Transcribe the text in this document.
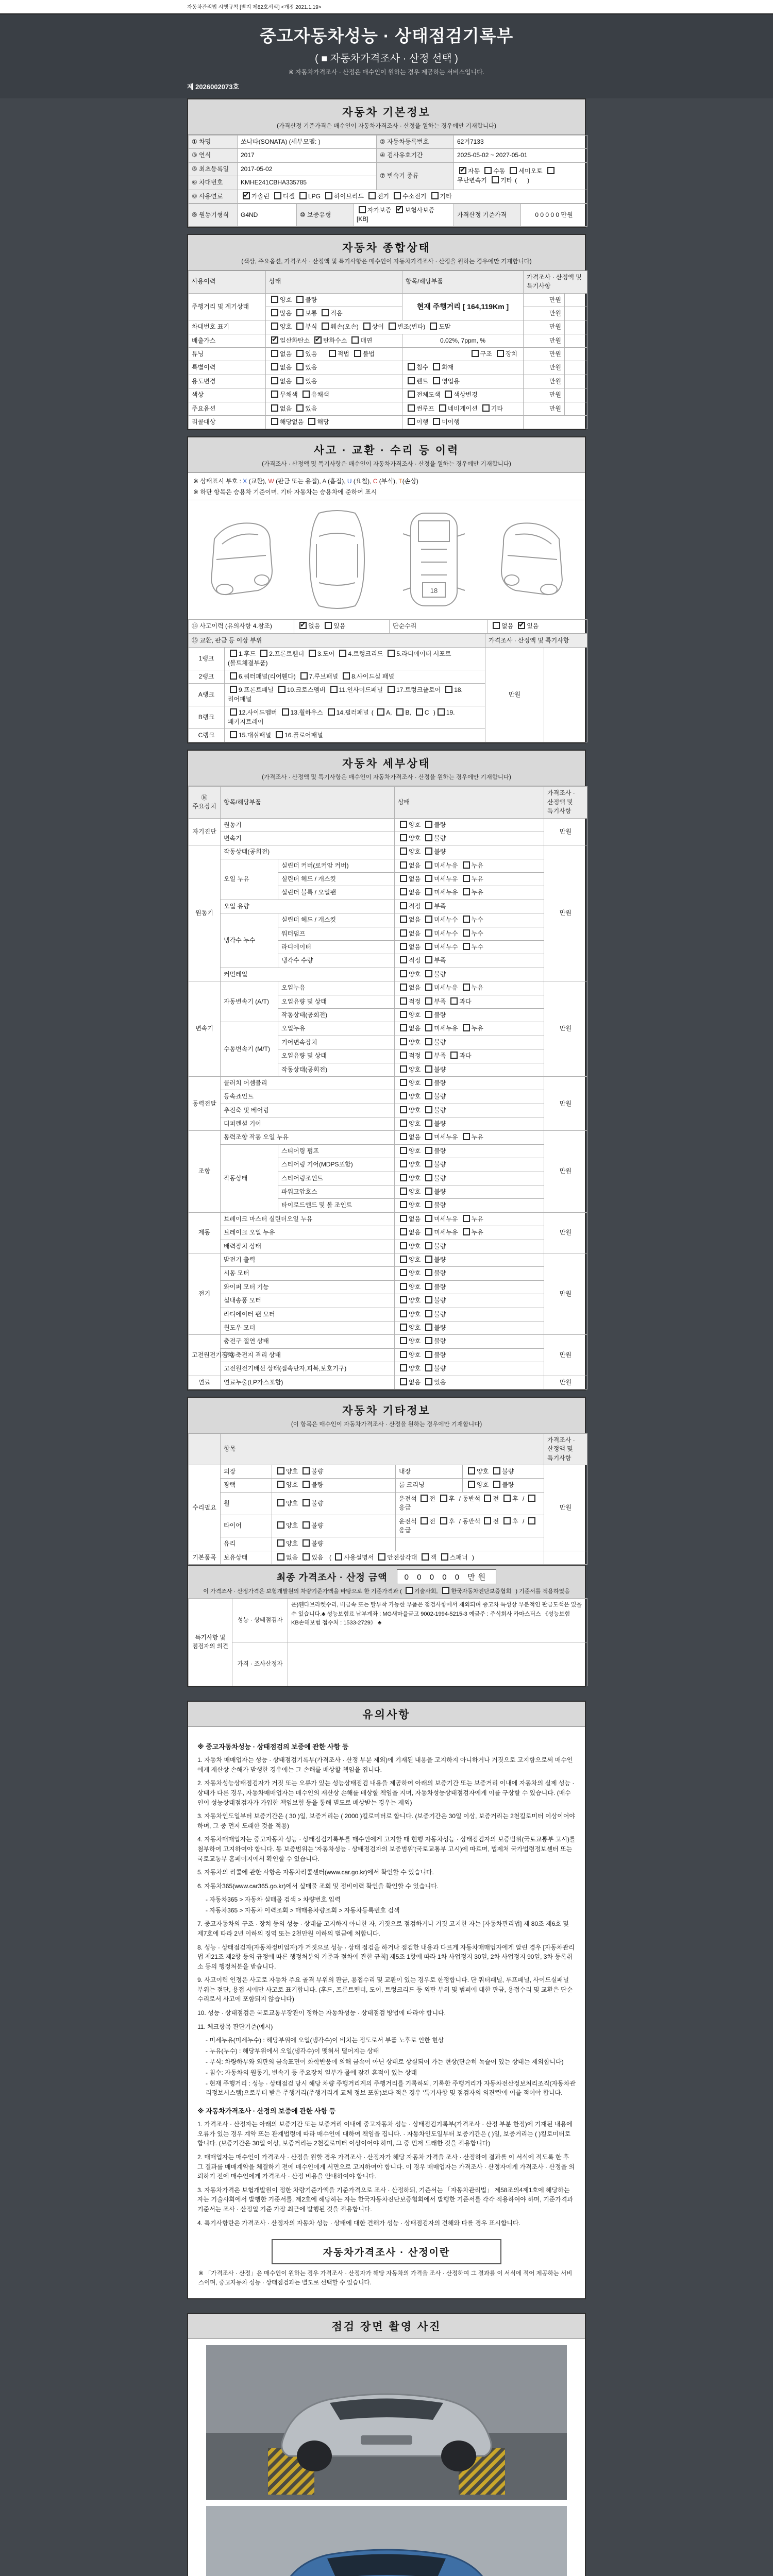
자동차관리법 시행규칙 [별지 제82호서식] <개정 2021.1.19>
중고자동차성능 · 상태점검기록부
( ■ 자동차가격조사 · 산정 선택 )
※ 자동차가격조사 · 산정은 매수인이 원하는 경우 제공하는 서비스입니다.
제 2026002073호
자동차 기본정보
(가격산정 기준가격은 매수인이 자동차가격조사 · 산정을 원하는 경우에만 기재합니다)
① 차명	쏘나타(SONATA) (세부모델: )	② 자동차등록번호	62거7133
③ 연식	2017	④ 검사유효기간	2025-05-02 ~ 2027-05-01
⑤ 최초등록일	2017-05-02	⑦ 변속기 종류	✔자동 수동 세미오토무단변속기 기타 (      )
⑥ 차대번호	KMHE241CBHA335785		
⑧ 사용연료	✔가솔린 디젤 LPG 하이브리드 전기 수소전기 기타
⑨ 원동기형식	G4ND	⑩ 보증유형	자가보증 ✔ 보험사보증 [KB]	가격산정 기준가격	0 0 0 0 0 만원
자동차 종합상태
(색상, 주요옵션, 가격조사 · 산정액 및 특기사항은 매수인이 자동차가격조사 · 산정을 원하는 경우에만 기재합니다)
사용이력	상태	항목/해당부품	가격조사 · 산정액 및 특기사항	
주행거리 및 계기상태	양호 불량	현재 주행거리 [ 164,119Km ]	만원	
	많음 보통 적음		만원	
차대번호 표기	양호 부식 훼손(오손) 상이 변조(변타) 도말		만원	
배출가스	✔일산화탄소 ✔ 탄화수소 매연	0.02%, 7ppm, %	만원	
튜닝	없음 있음 적법 불법	구조 장치	만원	
특별이력	없음 있음	침수 화재	만원	
용도변경	없음 있음	렌트 영업용	만원	
색상	무채색 유채색	전체도색 색상변경	만원	
주요옵션	없음 있음	썬루프 네비게이션 기타	만원	
리콜대상	해당없음 해당	이행 미이행		
사고 · 교환 · 수리 등 이력
(가격조사 · 산정액 및 특기사항은 매수인이 자동차가격조사 · 산정을 원하는 경우에만 기재합니다)
※ 상태표시 부호 : X (교환), W (판금 또는 용접), A (흠집), U (요철), C (부식), T(손상)
※ 하단 항목은 승용차 기준이며, 기타 자동차는 승용차에 준하여 표시
18
⑭ 사고이력 (유의사항 4.참조)	✔없음 있음	단순수리	없음 ✔ 있음
⑮ 교환, 판금 등 이상 부위		가격조사 · 산정액 및 특기사항	
1랭크	1.후드 2.프론트휀더 3.도어 4.트렁크리드 5.라디에이터 서포트(볼트체결부품)	만원	
2랭크	6.쿼터패널(리어휀다) 7.루브패널 8.사이드실 패널		
A랭크	9.프론트패널 10.크로스멤버 11.인사이드패널 17.트렁크플로어 18.리어패널		
B랭크	12.사이드멤버 13.휠하우스 14.필러패널 ( A, B, C ) 19.패키지트레이		
C랭크	15.대쉬패널 16.플로어패널		
자동차 세부상태
(가격조사 · 산정액 및 특기사항은 매수인이 자동차가격조사 · 산정을 원하는 경우에만 기재합니다)
⑯ 주요장치	항목/해당부품		상태	가격조사 · 산정액 및 특기사항
자기진단	원동기		양호 불량	만원
	변속기		양호 불량	
원동기	작동상태(공회전)		양호 불량	만원
	오일 누유	실린더 커버(로커암 커버)	없음 미세누유 누유	
		실린더 헤드 / 개스킷	없음 미세누유 누유	
		실린더 블록 / 오일팬	없음 미세누유 누유	
	오일 유량		적정 부족	
	냉각수 누수	실린더 헤드 / 개스킷	없음 미세누수 누수	
		워터펌프	없음 미세누수 누수	
		라디에이터	없음 미세누수 누수	
		냉각수 수량	적정 부족	
	커먼레일		양호 불량	
변속기	자동변속기 (A/T)	오일누유	없음 미세누유 누유	만원
		오일유량 및 상태	적정 부족 과다	
		작동상태(공회전)	양호 불량	
	수동변속기 (M/T)	오일누유	없음 미세누유 누유	
		기어변속장치	양호 불량	
		오일유량 및 상태	적정 부족 과다	
		작동상태(공회전)	양호 불량	
동력전달	클러치 어셈블리		양호 불량	만원
	등속죠인트		양호 불량	
	추진축 및 베어링		양호 불량	
	디퍼렌셜 기어		양호 불량	
조향	동력조향 작동 오일 누유		없음 미세누유 누유	만원
	작동상태	스티어링 펌프	양호 불량	
		스티어링 기어(MDPS포함)	양호 불량	
		스티어링조인트	양호 불량	
		파워고압호스	양호 불량	
		타이로드엔드 및 볼 조인트	양호 불량	
제동	브레이크 마스터 실린더오일 누유		없음 미세누유 누유	만원
	브레이크 오일 누유		없음 미세누유 누유	
	배력장치 상태		양호 불량	
전기	발전기 출력		양호 불량	만원
	시동 모터		양호 불량	
	와이퍼 모터 기능		양호 불량	
	실내송풍 모터		양호 불량	
	라디에이터 팬 모터		양호 불량	
	윈도우 모터		양호 불량	
고전원전기장치	충전구 절연 상태		양호 불량	만원
	구동축전지 격리 상태		양호 불량	
	고전원전기배선 상태(접속단자,피복,보호기구)		양호 불량	
연료	연료누출(LP가스포함)		없음 있음	만원
자동차 기타정보
(이 항목은 매수인이 자동차가격조사 · 산정을 원하는 경우에만 기재합니다)
	항목				가격조사 · 산정액 및 특기사항
수리필요	외장	양호 불량	내장	양호 불량	만원
	광택	양호 불량	룸 크리닝	양호 불량	
	휠	양호 불량	운전석 전 후 / 동반석 전 후 / 응급		
	타이어	양호 불량	운전석 전 후 / 동반석 전 후 / 응급		
	유리	양호 불량			
기본품목	보유상태	없음 있음  ( 사용설명서 안전삼각대 잭 스패너 )			
최종 가격조사 · 산정 금액	0 0 0 0 0 만원
이 가격조사 · 산정가격은 보험개발원의 차량기준가액을 바탕으로 한 기준가격과 ( 기술사회, 한국자동차진단보증협회 ) 기준서를 적용하였음
특기사항 및 점검자의 의견	성능 · 상태점검자	운)휀다브라켓수리, 비금속 또는 탈부착 가능한 부품은 점검사항에서 제외되며 중고차 특성상 부분적인 판금도색은 있을 수 있습니다.♣ 성능보험료 납부계좌 : MG새마을금고 9002-1994-5215-3 예금주 : 주식회사 카마스터스 《성능보험 KB손해보험 접수처 : 1533-2729》 ♣
	가격 · 조사산정자	
유의사항
※ 중고자동차성능 · 상태점검의 보증에 관한 사항 등
1. 자동차 매매업자는 성능 · 상태점검기록부(가격조사 · 산정 부분 제외)에 기재된 내용을 고지하지 아니하거나 거짓으로 고지함으로써 매수인에게 재산상 손해가 발생한 경우에는 그 손해를 배상할 책임을 집니다.
2. 자동차성능상태점검자가 거짓 또는 오류가 있는 성능상태점검 내용을 제공하여 아래의 보증기간 또는 보증거리 이내에 자동차의 실제 성능 · 상태가 다른 경우, 자동차매매업자는 매수인의 재산상 손해를 배상할 책임을 지며, 자동차성능상태점검자에게 이를 구상할 수 있습니다. (매수인이 성능상태점검자가 가입한 책임보험 등을 통해 별도로 배상받는 경우는 제외)
3. 자동차인도일부터 보증기간은 ( 30 )일, 보증거리는 ( 2000 )킬로미터로 합니다. (보증기간은 30일 이상, 보증거리는 2천킬로미터 이상이어야 하며, 그 중 먼저 도래한 것을 적용)
4. 자동차매매업자는 중고자동차 성능 · 상태점검기록부를 매수인에게 고지할 때 현행 자동차성능 · 상태점검자의 보증범위(국토교통부 고시)를 첨부하여 고지하여야 합니다. 동 보증범위는 '자동차성능 · 상태점검자의 보증범위'(국토교통부 고시)에 따르며, 법제처 국가법령정보센터 또는 국토교통부 홈페이지에서 확인할 수 있습니다.
5. 자동차의 리콜에 관한 사항은 자동차리콜센터(www.car.go.kr)에서 확인할 수 있습니다.
6. 자동차365(www.car365.go.kr)에서 실매물 조회 및 정비이력 확인을 확인할 수 있습니다.
- 자동차365 > 자동차 실매물 검색 > 차량번호 입력
- 자동차365 > 자동차 이력조회 > 매매용차량조회 > 자동차등록번호 검색
7. 중고자동차의 구조 · 장치 등의 성능 · 상태를 고지하지 아니한 자, 거짓으로 점검하거나 거짓 고지한 자는 [자동차관리법] 제 80조 제6호 및 제7호에 따라 2년 이하의 징역 또는 2천만원 이하의 벌금에 처합니다.
8. 성능 · 상태점검자(자동차정비업자)가 거짓으로 성능 · 상태 점검을 하거나 점검한 내용과 다르게 자동차매매업자에게 알린 경우 [자동차관리법 제21조 제2항 등의 규정에 따른 행정처분의 기준과 절차에 관한 규칙] 제5조 1항에 따라 1차 사업정지 30일, 2차 사업정지 90일, 3차 등록취소 등의 행정처분을 받습니다.
9. 사고이력 인정은 사고로 자동차 주요 골격 부위의 판금, 용접수리 및 교환이 있는 경우로 한정합니다. 단 쿼터패널, 루프패널, 사이드실패널 부위는 절단, 용접 시에만 사고로 표기합니다. (후드, 프론트펜더, 도어, 트렁크리드 등 외판 부위 및 범퍼에 대한 판금, 용접수리 및 교환은 단순수리로서 사고에 포함되지 않습니다)
10. 성능 · 상태점검은 국토교통부장관이 정하는 자동차성능 · 상태점검 방법에 따라야 합니다.
11. 체크항목 판단기준(예시)
- 미세누유(미세누수) : 해당부위에 오일(냉각수)이 비치는 정도로서 부품 노후로 인한 현상
- 누유(누수) : 해당부위에서 오일(냉각수)이 맺혀서 떨어지는 상태
- 부식: 차량하부와 외판의 금속표면이 화학반응에 의해 금속이 아닌 상태로 상실되어 가는 현상(단순히 녹슬어 있는 상태는 제외합니다)
- 침수: 자동차의 원동기, 변속기 등 주요장치 일부가 물에 잠긴 흔적이 있는 상태
- 현재 주행거리 : 성능 · 상태점검 당시 해당 차량 주행거리계의 주행거리를 기록하되, 기록한 주행거리가 자동차전산정보처리조직(자동차관리정보시스템)으로부터 받은 주행거리(주행거리계 교체 정보 포함)보다 적은 경우 '특기사항 및 점검자의 의견'란에 이를 적어야 합니다.
※ 자동차가격조사 · 산정의 보증에 관한 사항 등
1. 가격조사 · 산정자는 아래의 보증기간 또는 보증거리 이내에 중고자동차 성능 · 상태점검기록부(가격조사 · 산정 부분 한정)에 기재된 내용에 오류가 있는 경우 계약 또는 관계법령에 따라 매수인에 대하여 책임을 집니다. · 자동차인도일부터 보증기간은 ( )일, 보증거리는 ( )킬로미터로 합니다. (보증기간은 30일 이상, 보증거리는 2천킬로미터 이상이어야 하며, 그 중 먼저 도래한 것을 적용합니다)
2. 매매업자는 매수인이 가격조사 · 산정을 원할 경우 가격조사 · 산정자가 해당 자동차 가격을 조사 · 산정하여 결과를 이 서식에 적도록 한 후 그 결과를 매매계약을 체결하기 전에 매수인에게 서면으로 고지하여야 합니다. 이 경우 매매업자는 가격조사 · 산정자에게 가격조사 · 산정을 의뢰하기 전에 매수인에게 가격조사 · 산정 비용을 안내하여야 합니다.
3. 자동차가격은 보험개발원이 정한 차량기준가액을 기준가격으로 조사 · 산정하되, 기준서는 「자동차관리법」 제58조의4제1호에 해당하는 자는 기술사회에서 발행한 기준서를, 제2호에 해당하는 자는 한국자동차진단보증협회에서 발행한 기준서를 각각 적용하여야 하며, 기준가격과 기준서는 조사 · 산정일 기준 가장 최근에 발행된 것을 적용합니다.
4. 특기사항란은 가격조사 · 산정자의 자동차 성능 · 상태에 대한 견해가 성능 · 상태점검자의 견해와 다를 경우 표시합니다.
자동차가격조사 · 산정이란
※ 「가격조사 · 산정」은 매수인이 원하는 경우 가격조사 · 산정자가 해당 자동차의 가격을 조사 · 산정하여 그 결과를 이 서식에 적어 제공하는 서비스이며, 중고자동차 성능 · 상태점검과는 별도로 선택할 수 있습니다.
점검 장면 촬영 사진
